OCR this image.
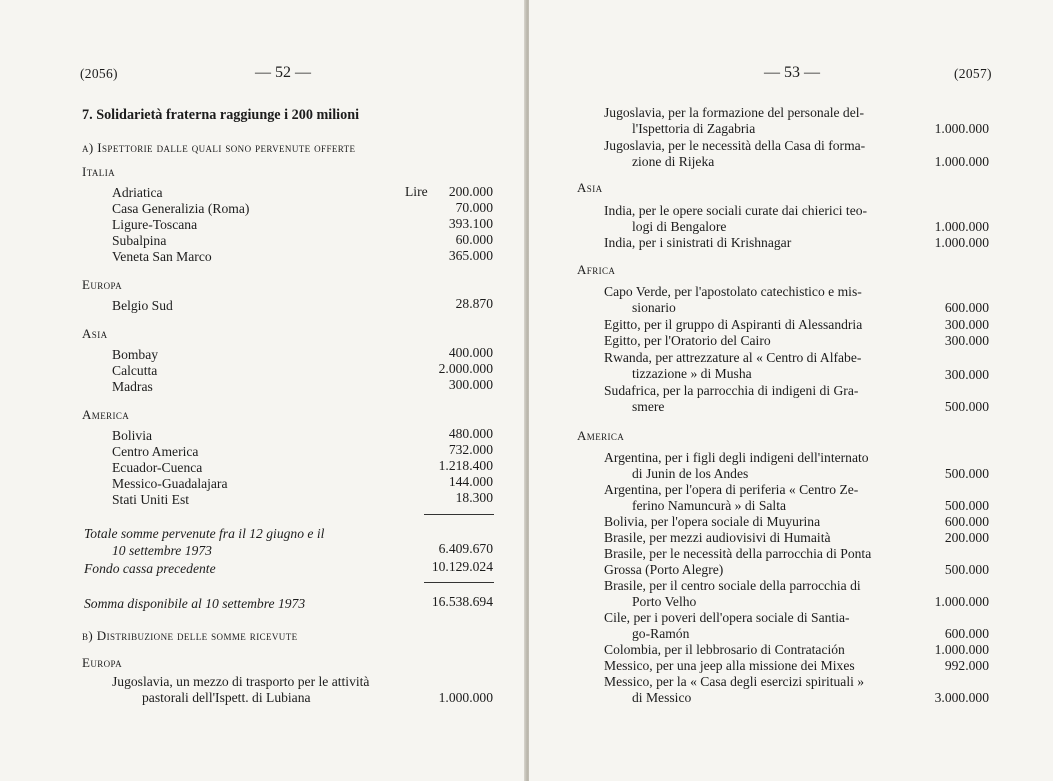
(2056)	— 52 —
7. Solidarietà fraterna raggiunge i 200 milioni
a) Ispettorie dalle quali sono pervenute offerte
Italia
Lire
Adriatica	200.000
Casa Generalizia (Roma)	70.000
Ligure-Toscana	393.100
Subalpina	60.000
Veneta San Marco	365.000
Europa
Belgio Sud	28.870
Asia
Bombay	400.000
Calcutta	2.000.000
Madras	300.000
America
Bolivia	480.000
Centro America	732.000
Ecuador-Cuenca	1.218.400
Messico-Guadalajara	144.000
Stati Uniti Est	18.300
Totale somme pervenute fra il 12 giugno e il
10 settembre 1973	6.409.670
Fondo cassa precedente	10.129.024
Somma disponibile al 10 settembre 1973	16.538.694
b) Distribuzione delle somme ricevute
Europa
Jugoslavia, un mezzo di trasporto per le attività
pastorali dell'Ispett. di Lubiana	1.000.000
— 53 —	(2057)
Jugoslavia, per la formazione del personale del-
l'Ispettoria di Zagabria	1.000.000
Jugoslavia, per le necessità della Casa di forma-
zione di Rijeka	1.000.000
Asia
India, per le opere sociali curate dai chierici teo-
logi di Bengalore	1.000.000
India, per i sinistrati di Krishnagar	1.000.000
Africa
Capo Verde, per l'apostolato catechistico e mis-
sionario	600.000
Egitto, per il gruppo di Aspiranti di Alessandria	300.000
Egitto, per l'Oratorio del Cairo	300.000
Rwanda, per attrezzature al « Centro di Alfabe-
tizzazione » di Musha	300.000
Sudafrica, per la parrocchia di indigeni di Gra-
smere	500.000
America
Argentina, per i figli degli indigeni dell'internato
di Junin de los Andes	500.000
Argentina, per l'opera di periferia « Centro Ze-
ferino Namuncurà » di Salta	500.000
Bolivia, per l'opera sociale di Muyurina	600.000
Brasile, per mezzi audiovisivi di Humaità	200.000
Brasile, per le necessità della parrocchia di Ponta
Grossa (Porto Alegre)	500.000
Brasile, per il centro sociale della parrocchia di
Porto Velho	1.000.000
Cile, per i poveri dell'opera sociale di Santia-
go-Ramón	600.000
Colombia, per il lebbrosario di Contratación	1.000.000
Messico, per una jeep alla missione dei Mixes	992.000
Messico, per la « Casa degli esercizi spirituali »
di Messico	3.000.000
